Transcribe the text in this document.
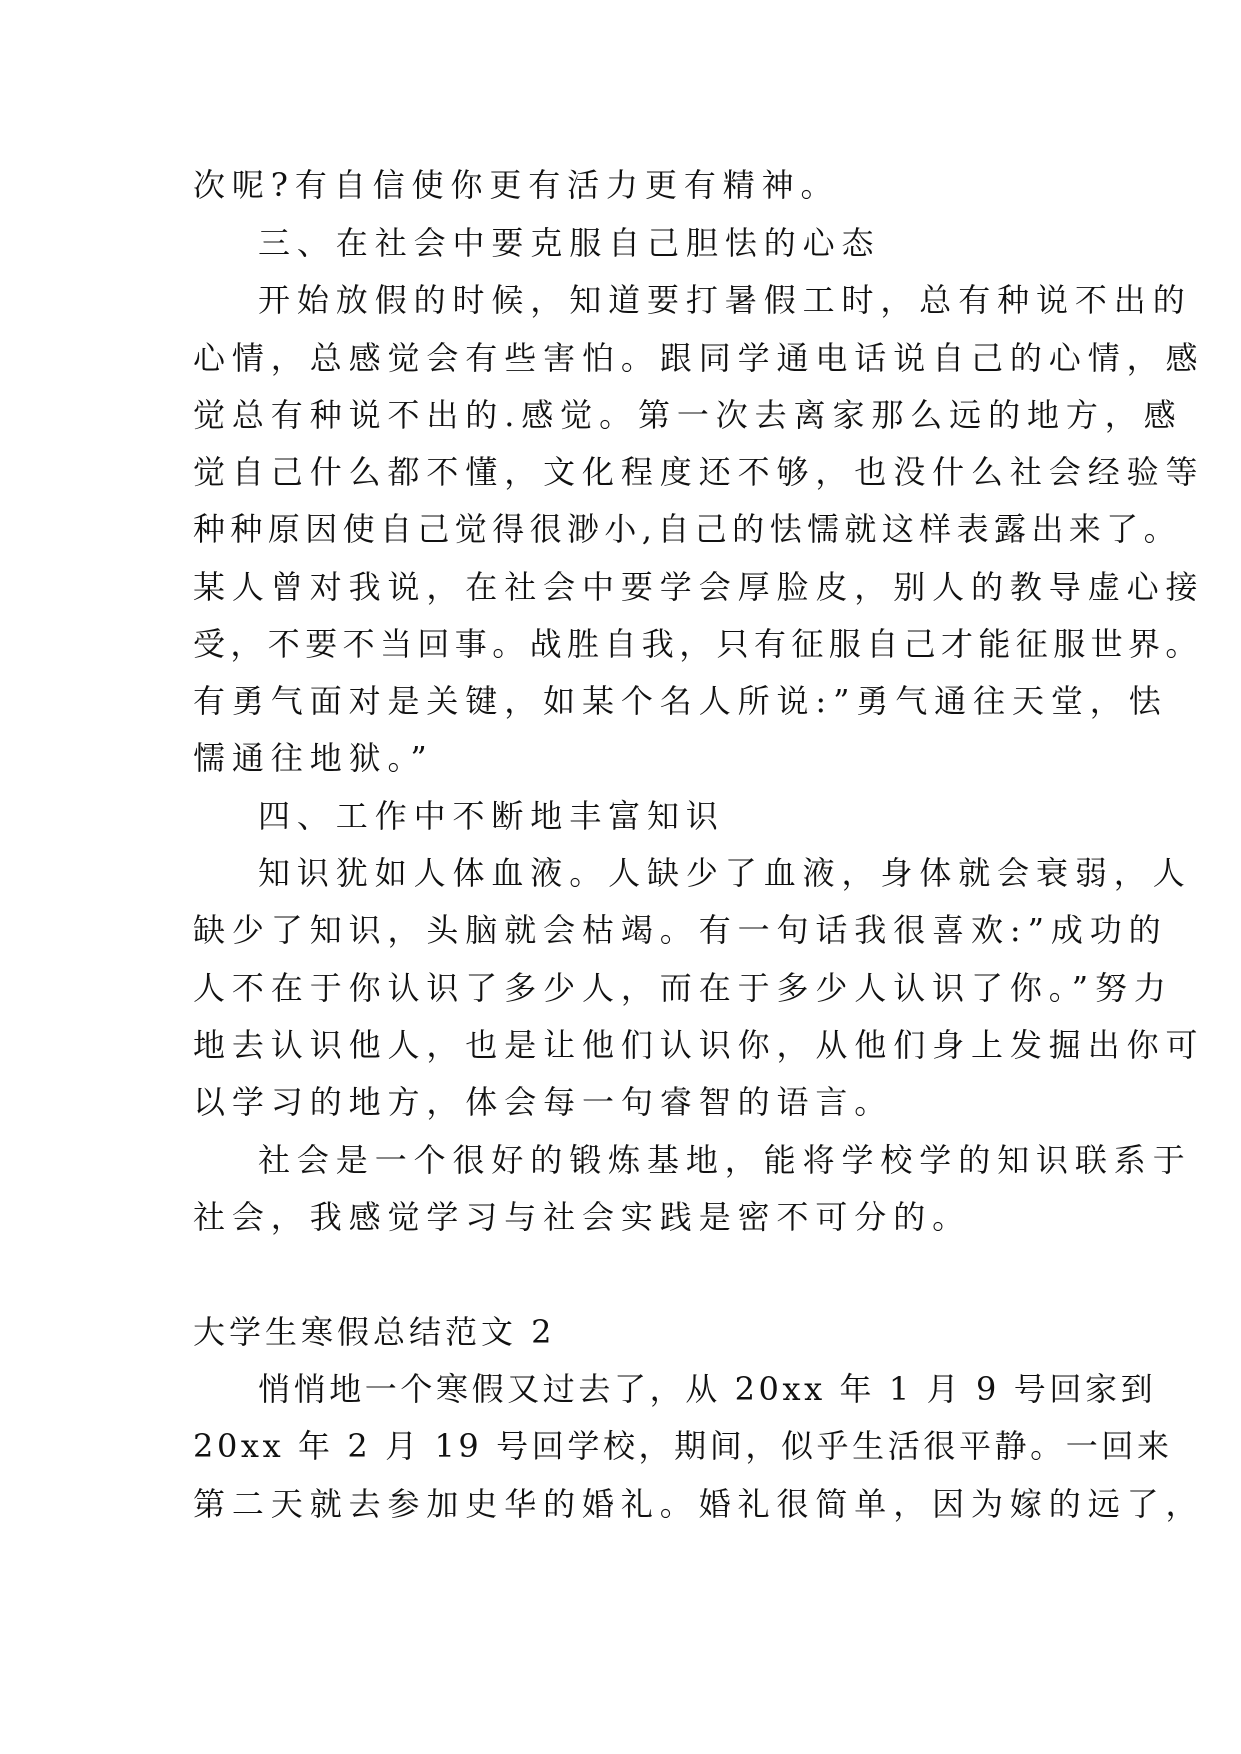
次呢?有自信使你更有活力更有精神。
三、在社会中要克服自己胆怯的心态
开始放假的时候，知道要打暑假工时，总有种说不出的
心情，总感觉会有些害怕。跟同学通电话说自己的心情，感
觉总有种说不出的.感觉。第一次去离家那么远的地方，感
觉自己什么都不懂，文化程度还不够，也没什么社会经验等
种种原因使自己觉得很渺小,自己的怯懦就这样表露出来了。
某人曾对我说，在社会中要学会厚脸皮，别人的教导虚心接
受，不要不当回事。战胜自我，只有征服自己才能征服世界。
有勇气面对是关键，如某个名人所说:”勇气通往天堂，怯
懦通往地狱。”
四、工作中不断地丰富知识
知识犹如人体血液。人缺少了血液，身体就会衰弱，人
缺少了知识，头脑就会枯竭。有一句话我很喜欢:”成功的
人不在于你认识了多少人，而在于多少人认识了你。”努力
地去认识他人，也是让他们认识你，从他们身上发掘出你可
以学习的地方，体会每一句睿智的语言。
社会是一个很好的锻炼基地，能将学校学的知识联系于
社会，我感觉学习与社会实践是密不可分的。
大学生寒假总结范文 2
悄悄地一个寒假又过去了，从 20xx 年 1 月 9 号回家到
20xx 年 2 月 19 号回学校，期间，似乎生活很平静。一回来
第二天就去参加史华的婚礼。婚礼很简单，因为嫁的远了，
